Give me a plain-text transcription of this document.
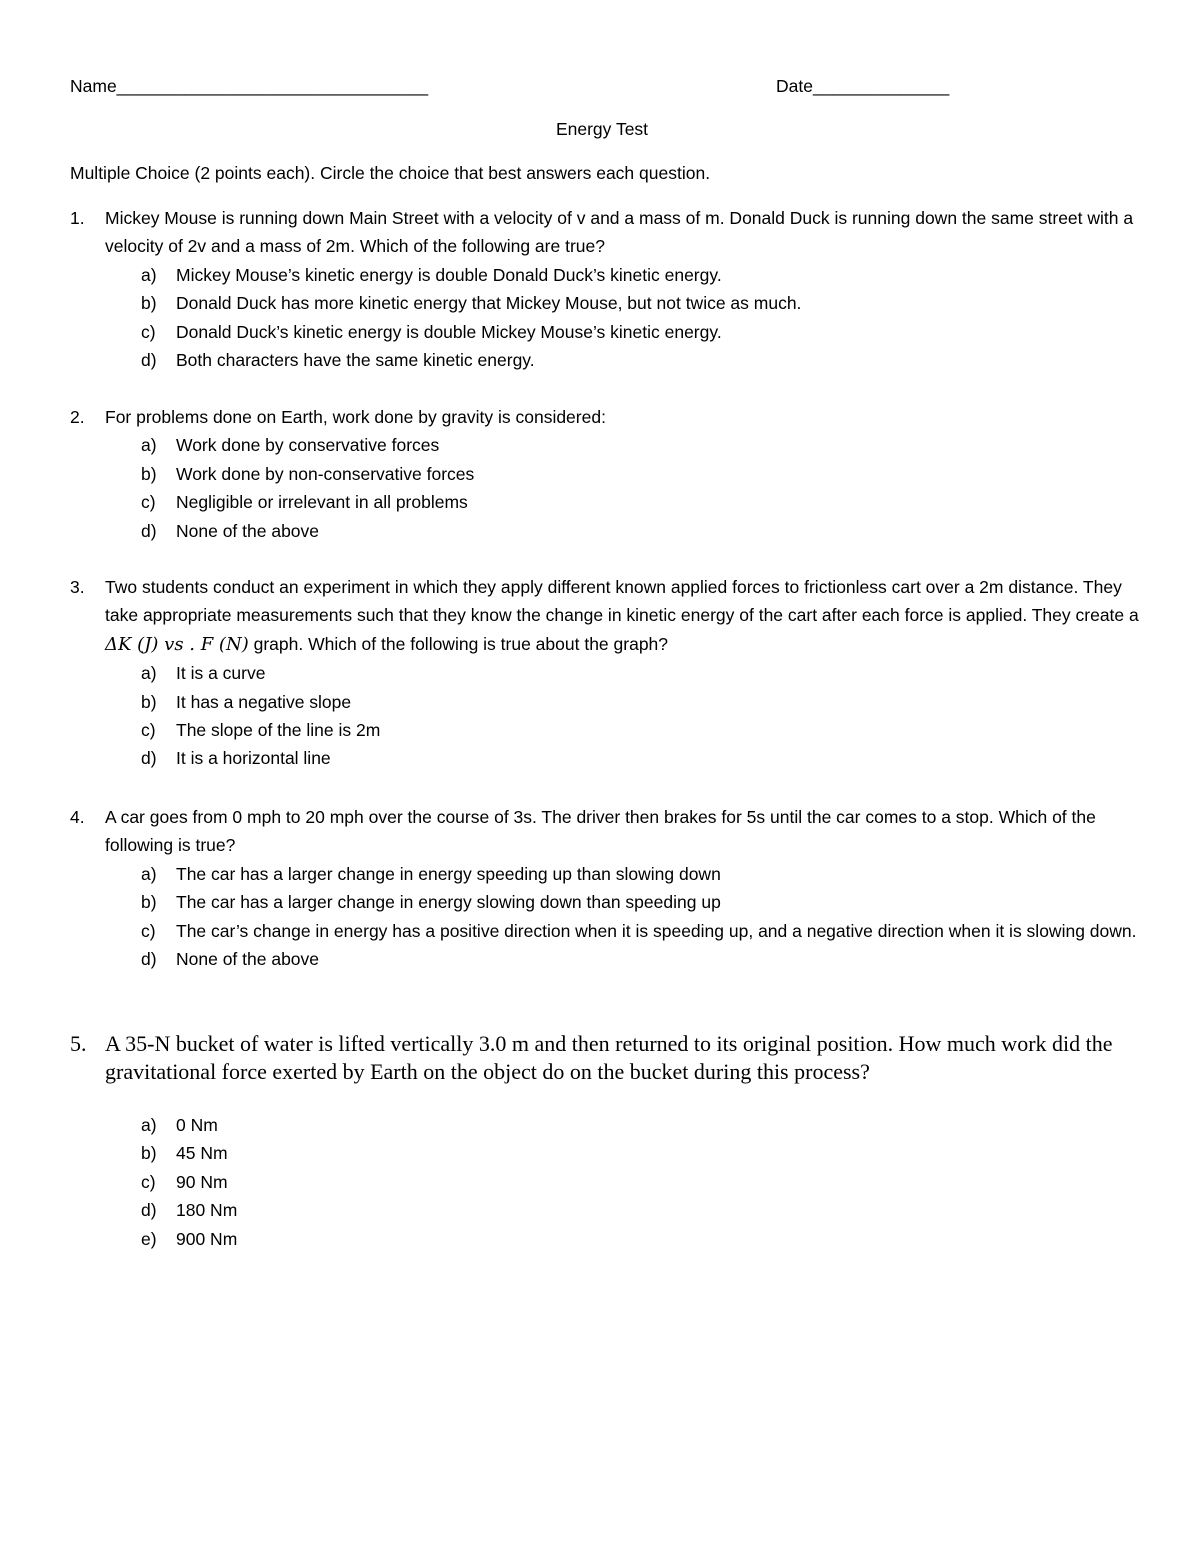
Name________________________________	Date______________
Energy Test
Multiple Choice (2 points each). Circle the choice that best answers each question.
1.	Mickey Mouse is running down Main Street with a velocity of v and a mass of m. Donald Duck is running down the same street with a velocity of 2v and a mass of 2m. Which of the following are true?
a)	Mickey Mouse’s kinetic energy is double Donald Duck’s kinetic energy.
b)	Donald Duck has more kinetic energy that Mickey Mouse, but not twice as much.
c)	Donald Duck’s kinetic energy is double Mickey Mouse’s kinetic energy.
d)	Both characters have the same kinetic energy.
2.	For problems done on Earth, work done by gravity is considered:
a)	Work done by conservative forces
b)	Work done by non-conservative forces
c)	Negligible or irrelevant in all problems
d)	None of the above
3.	Two students conduct an experiment in which they apply different known applied forces to frictionless cart over a 2m distance. They take appropriate measurements such that they know the change in kinetic energy of the cart after each force is applied. They create a ΔK (J) vs . F (N) graph. Which of the following is true about the graph?
a)	It is a curve
b)	It has a negative slope
c)	The slope of the line is 2m
d)	It is a horizontal line
4.	A car goes from 0 mph to 20 mph over the course of 3s. The driver then brakes for 5s until the car comes to a stop. Which of the following is true?
a)	The car has a larger change in energy speeding up than slowing down
b)	The car has a larger change in energy slowing down than speeding up
c)	The car’s change in energy has a positive direction when it is speeding up, and a negative direction when it is slowing down.
d)	None of the above
5. A 35-N bucket of water is lifted vertically 3.0 m and then returned to its original position. How much work did the gravitational force exerted by Earth on the object do on the bucket during this process?
a)	0 Nm
b)	45 Nm
c)	90 Nm
d)	180 Nm
e)	900 Nm
